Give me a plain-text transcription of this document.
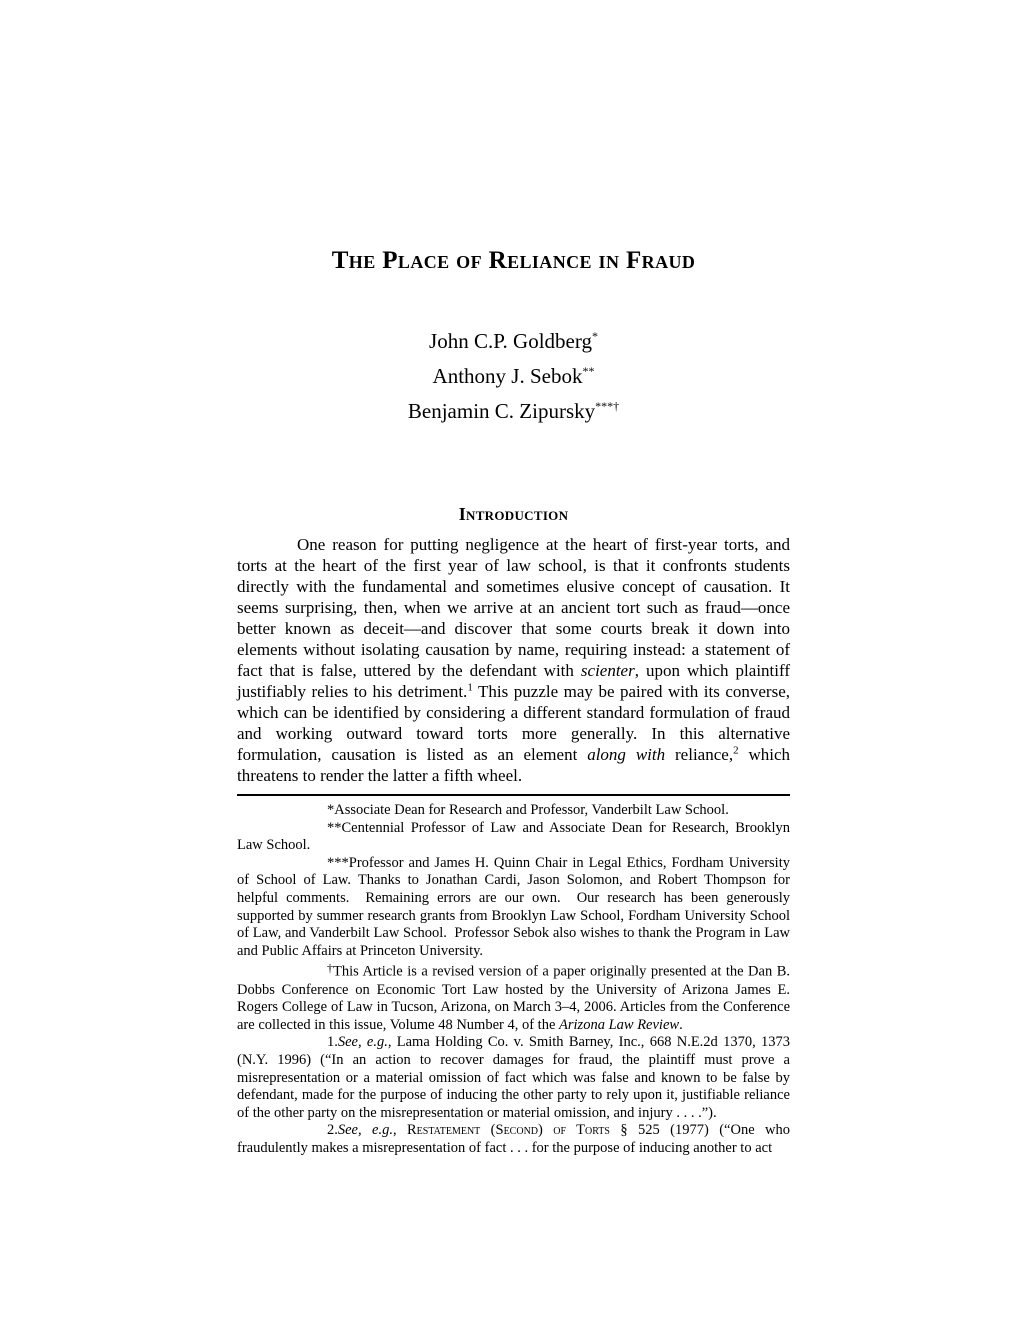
The Place of Reliance in Fraud
John C.P. Goldberg*
Anthony J. Sebok**
Benjamin C. Zipursky***†
Introduction

One reason for putting negligence at the heart of first-year torts, and torts at the heart of the first year of law school, is that it confronts students directly with the fundamental and sometimes elusive concept of causation. It seems surprising, then, when we arrive at an ancient tort such as fraud—once better known as deceit—and discover that some courts break it down into elements without isolating causation by name, requiring instead: a statement of fact that is false, uttered by the defendant with scienter, upon which plaintiff justifiably relies to his detriment.$^1$ This puzzle may be paired with its converse, which can be identified by considering a different standard formulation of fraud and working outward toward torts more generally. In this alternative formulation, causation is listed as an element along with reliance,$^2$ which threatens to render the latter a fifth wheel.

*Associate Dean for Research and Professor, Vanderbilt Law School.

**Centennial Professor of Law and Associate Dean for Research, Brooklyn Law School.

***Professor and James H. Quinn Chair in Legal Ethics, Fordham University of School of Law. Thanks to Jonathan Cardi, Jason Solomon, and Robert Thompson for helpful comments.  Remaining errors are our own.  Our research has been generously supported by summer research grants from Brooklyn Law School, Fordham University School of Law, and Vanderbilt Law School.  Professor Sebok also wishes to thank the Program in Law and Public Affairs at Princeton University.

†This Article is a revised version of a paper originally presented at the Dan B. Dobbs Conference on Economic Tort Law hosted by the University of Arizona James E. Rogers College of Law in Tucson, Arizona, on March 3–4, 2006. Articles from the Conference are collected in this issue, Volume 48 Number 4, of the Arizona Law Review.

1.See, e.g., Lama Holding Co. v. Smith Barney, Inc., 668 N.E.2d 1370, 1373 (N.Y. 1996) (“In an action to recover damages for fraud, the plaintiff must prove a misrepresentation or a material omission of fact which was false and known to be false by defendant, made for the purpose of inducing the other party to rely upon it, justifiable reliance of the other party on the misrepresentation or material omission, and injury . . . .”).

2.See, e.g., Restatement (Second) of Torts § 525 (1977) (“One who fraudulently makes a misrepresentation of fact . . . for the purpose of inducing another to act
